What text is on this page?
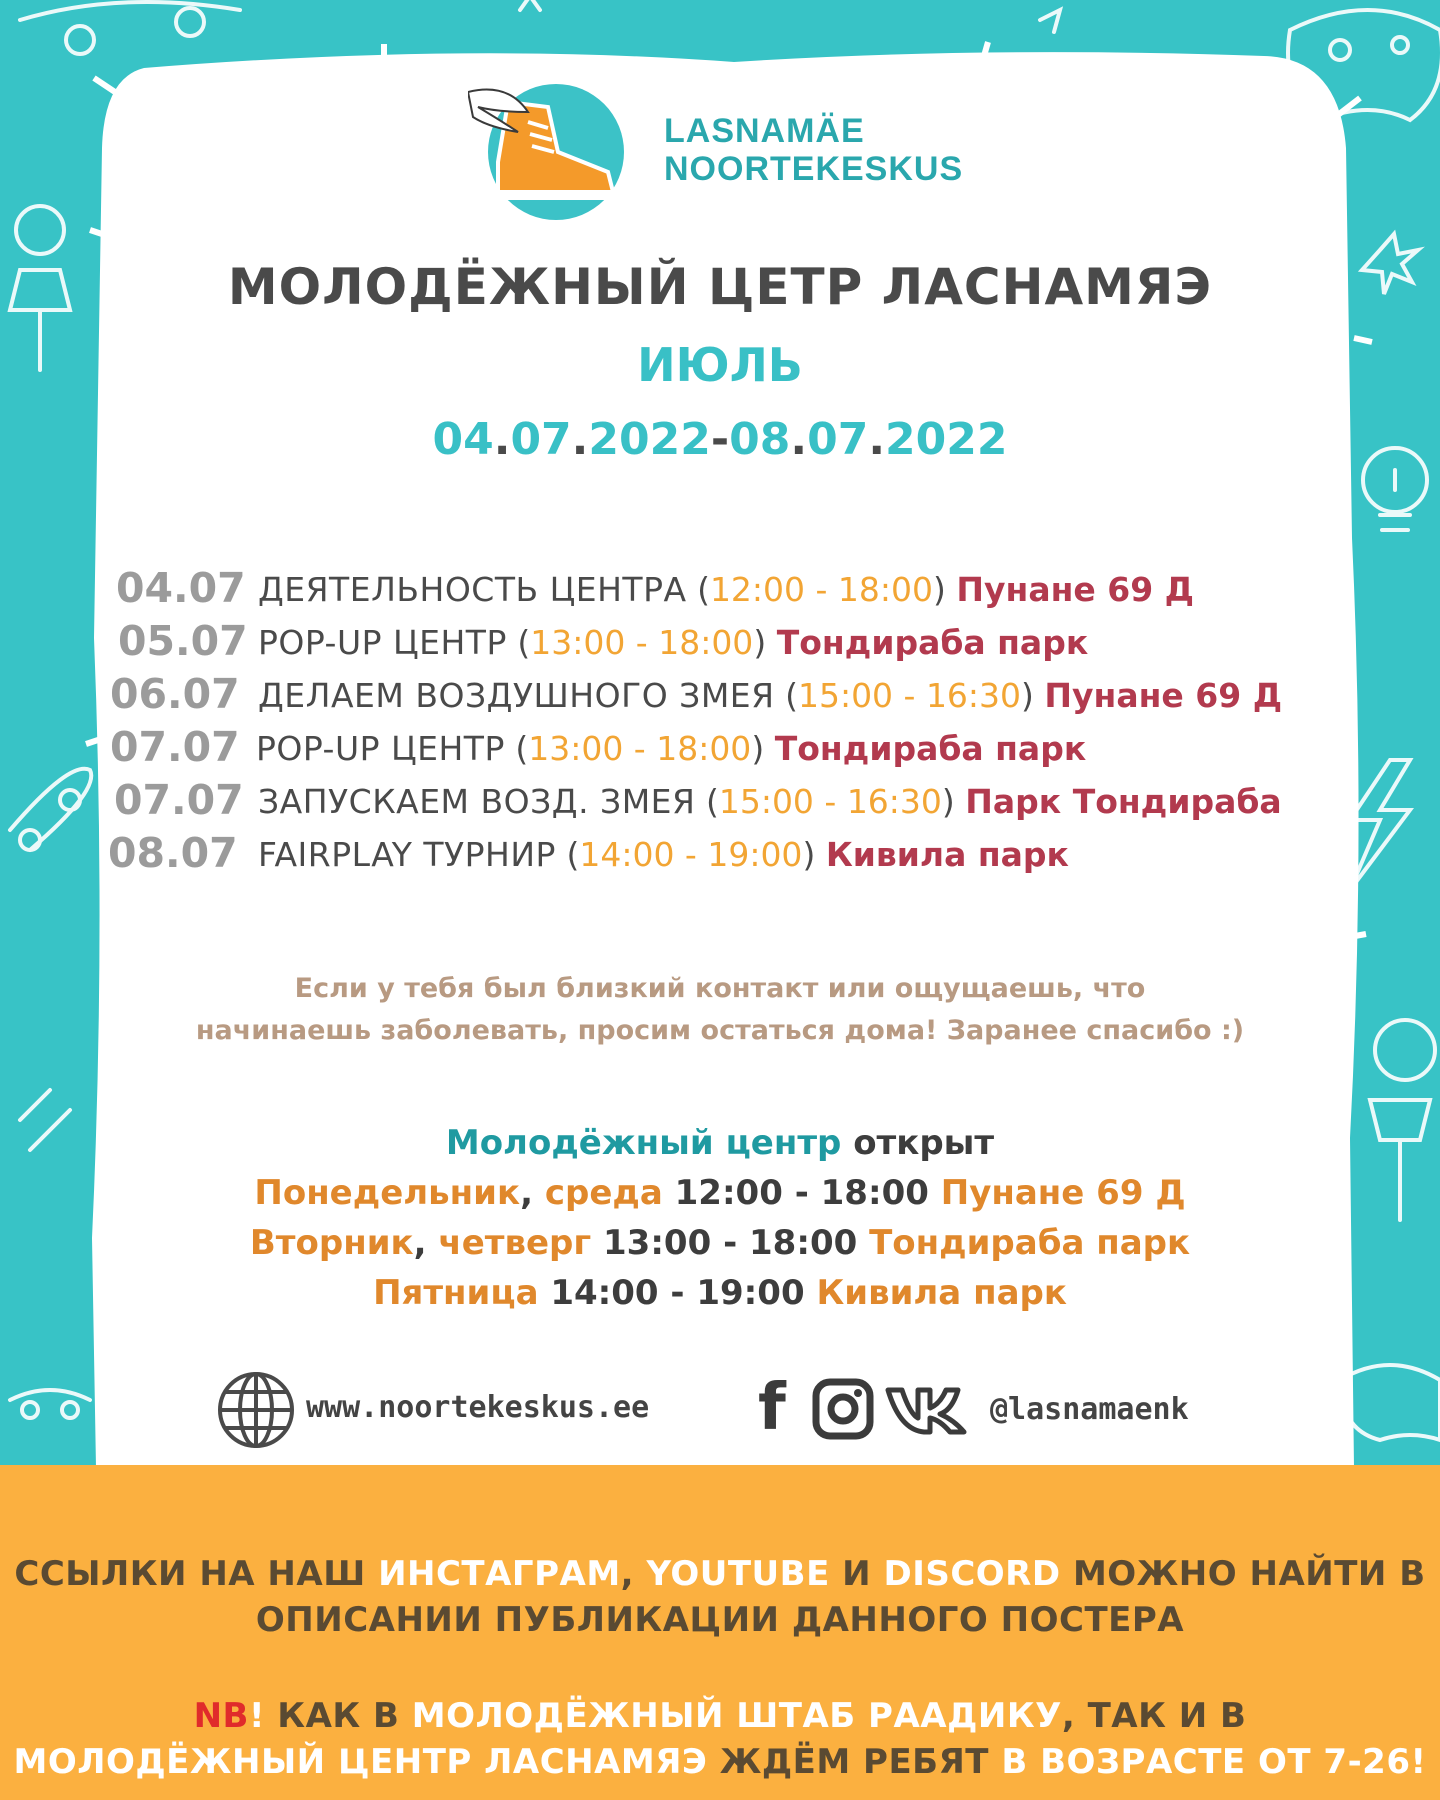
LASNAMÄE
NOORTEKESKUS
МОЛОДЁЖНЫЙ ЦЕТР ЛАСНАМЯЭ
ИЮЛЬ
04.07.2022-08.07.2022
04.07 ДЕЯТЕЛЬНОСТЬ ЦЕНТРА (12:00 - 18:00) Пунане 69 Д
05.07 POP-UP ЦЕНТР (13:00 - 18:00) Тондираба парк
06.07 ДЕЛАЕМ ВОЗДУШНОГО ЗМЕЯ (15:00 - 16:30) Пунане 69 Д
07.07 POP-UP ЦЕНТР (13:00 - 18:00) Тондираба парк
07.07 ЗАПУСКАЕМ ВОЗД. ЗМЕЯ (15:00 - 16:30) Парк Тондираба
08.07 FAIRPLAY ТУРНИР (14:00 - 19:00) Кивила парк
Если у тебя был близкий контакт или ощущаешь, что
начинаешь заболевать, просим остаться дома! Заранее спасибо :)
Молодёжный центр открыт
Понедельник, среда 12:00 - 18:00 Пунане 69 Д
Вторник, четверг 13:00 - 18:00 Тондираба парк
Пятница 14:00 - 19:00 Кивила парк
www.noortekeskus.ee f	@lasnamaenk
ССЫЛКИ НА НАШ ИНСТАГРАМ, YOUTUBE И DISCORD МОЖНО НАЙТИ В
ОПИСАНИИ ПУБЛИКАЦИИ ДАННОГО ПОСТЕРА
NB! КАК В МОЛОДЁЖНЫЙ ШТАБ РААДИКУ, ТАК И В
МОЛОДЁЖНЫЙ ЦЕНТР ЛАСНАМЯЭ ЖДЁМ РЕБЯТ В ВОЗРАСТЕ ОТ 7-26!
